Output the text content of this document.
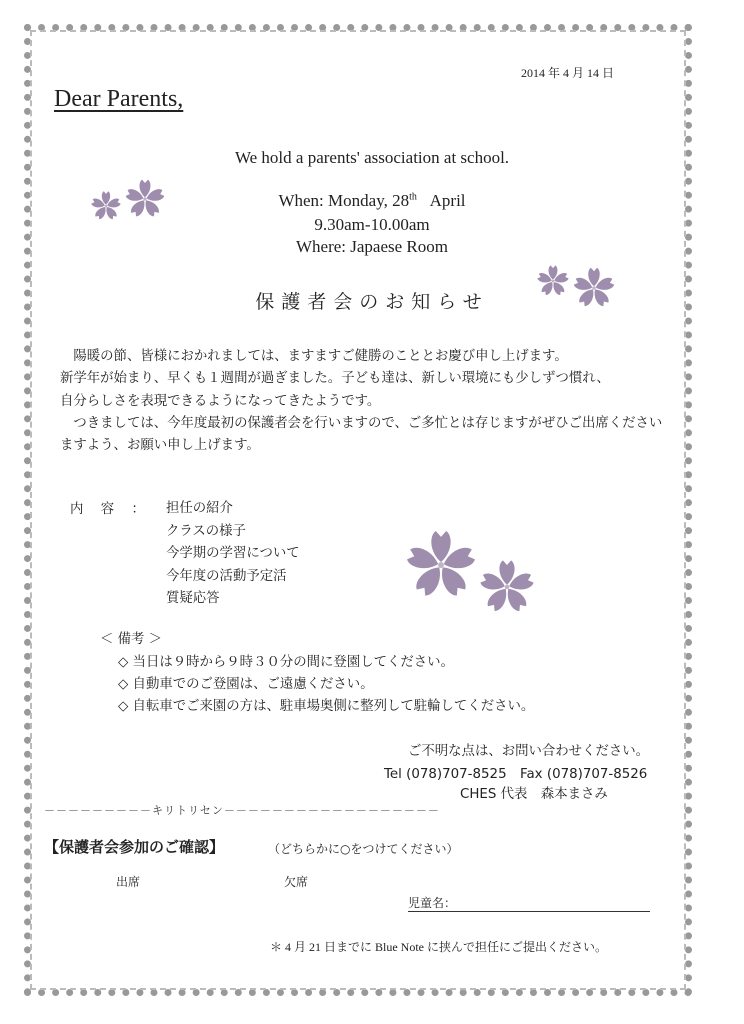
2014 年 4 月 14 日
Dear Parents,
We hold a parents' association at school.
When: Monday, 28th April
9.30am-10.00am
Where: Japaese Room
保護者会のお知らせ
　陽暖の節、皆様におかれましては、ますますご健勝のこととお慶び申し上げます。
新学年が始まり、早くも１週間が過ぎました。子ども達は、新しい環境にも少しずつ慣れ、
自分らしさを表現できるようになってきたようです。
　つきましては、今年度最初の保護者会を行いますので、ご多忙とは存じますがぜひご出席ください
ますよう、お願い申し上げます。
内　容　： 担任の紹介
クラスの様子
今学期の学習について
今年度の活動予定活
質疑応答
＜ 備考 ＞
◇ 当日は９時から９時３０分の間に登園してください。
◇ 自動車でのご登園は、ご遠慮ください。
◇ 自転車でご来園の方は、駐車場奥側に整列して駐輪してください。
ご不明な点は、お問い合わせください。
Tel (078)707-8525　Fax (078)707-8526
CHES 代表　森本まさみ
－－－－－－－－－キリトリセン－－－－－－－－－－－－－－－－－－
【保護者会参加のご確認】	（どちらかに○をつけてください）
出席	欠席
児童名：
＊ 4 月 21 日までに Blue Note に挟んで担任にご提出ください。
